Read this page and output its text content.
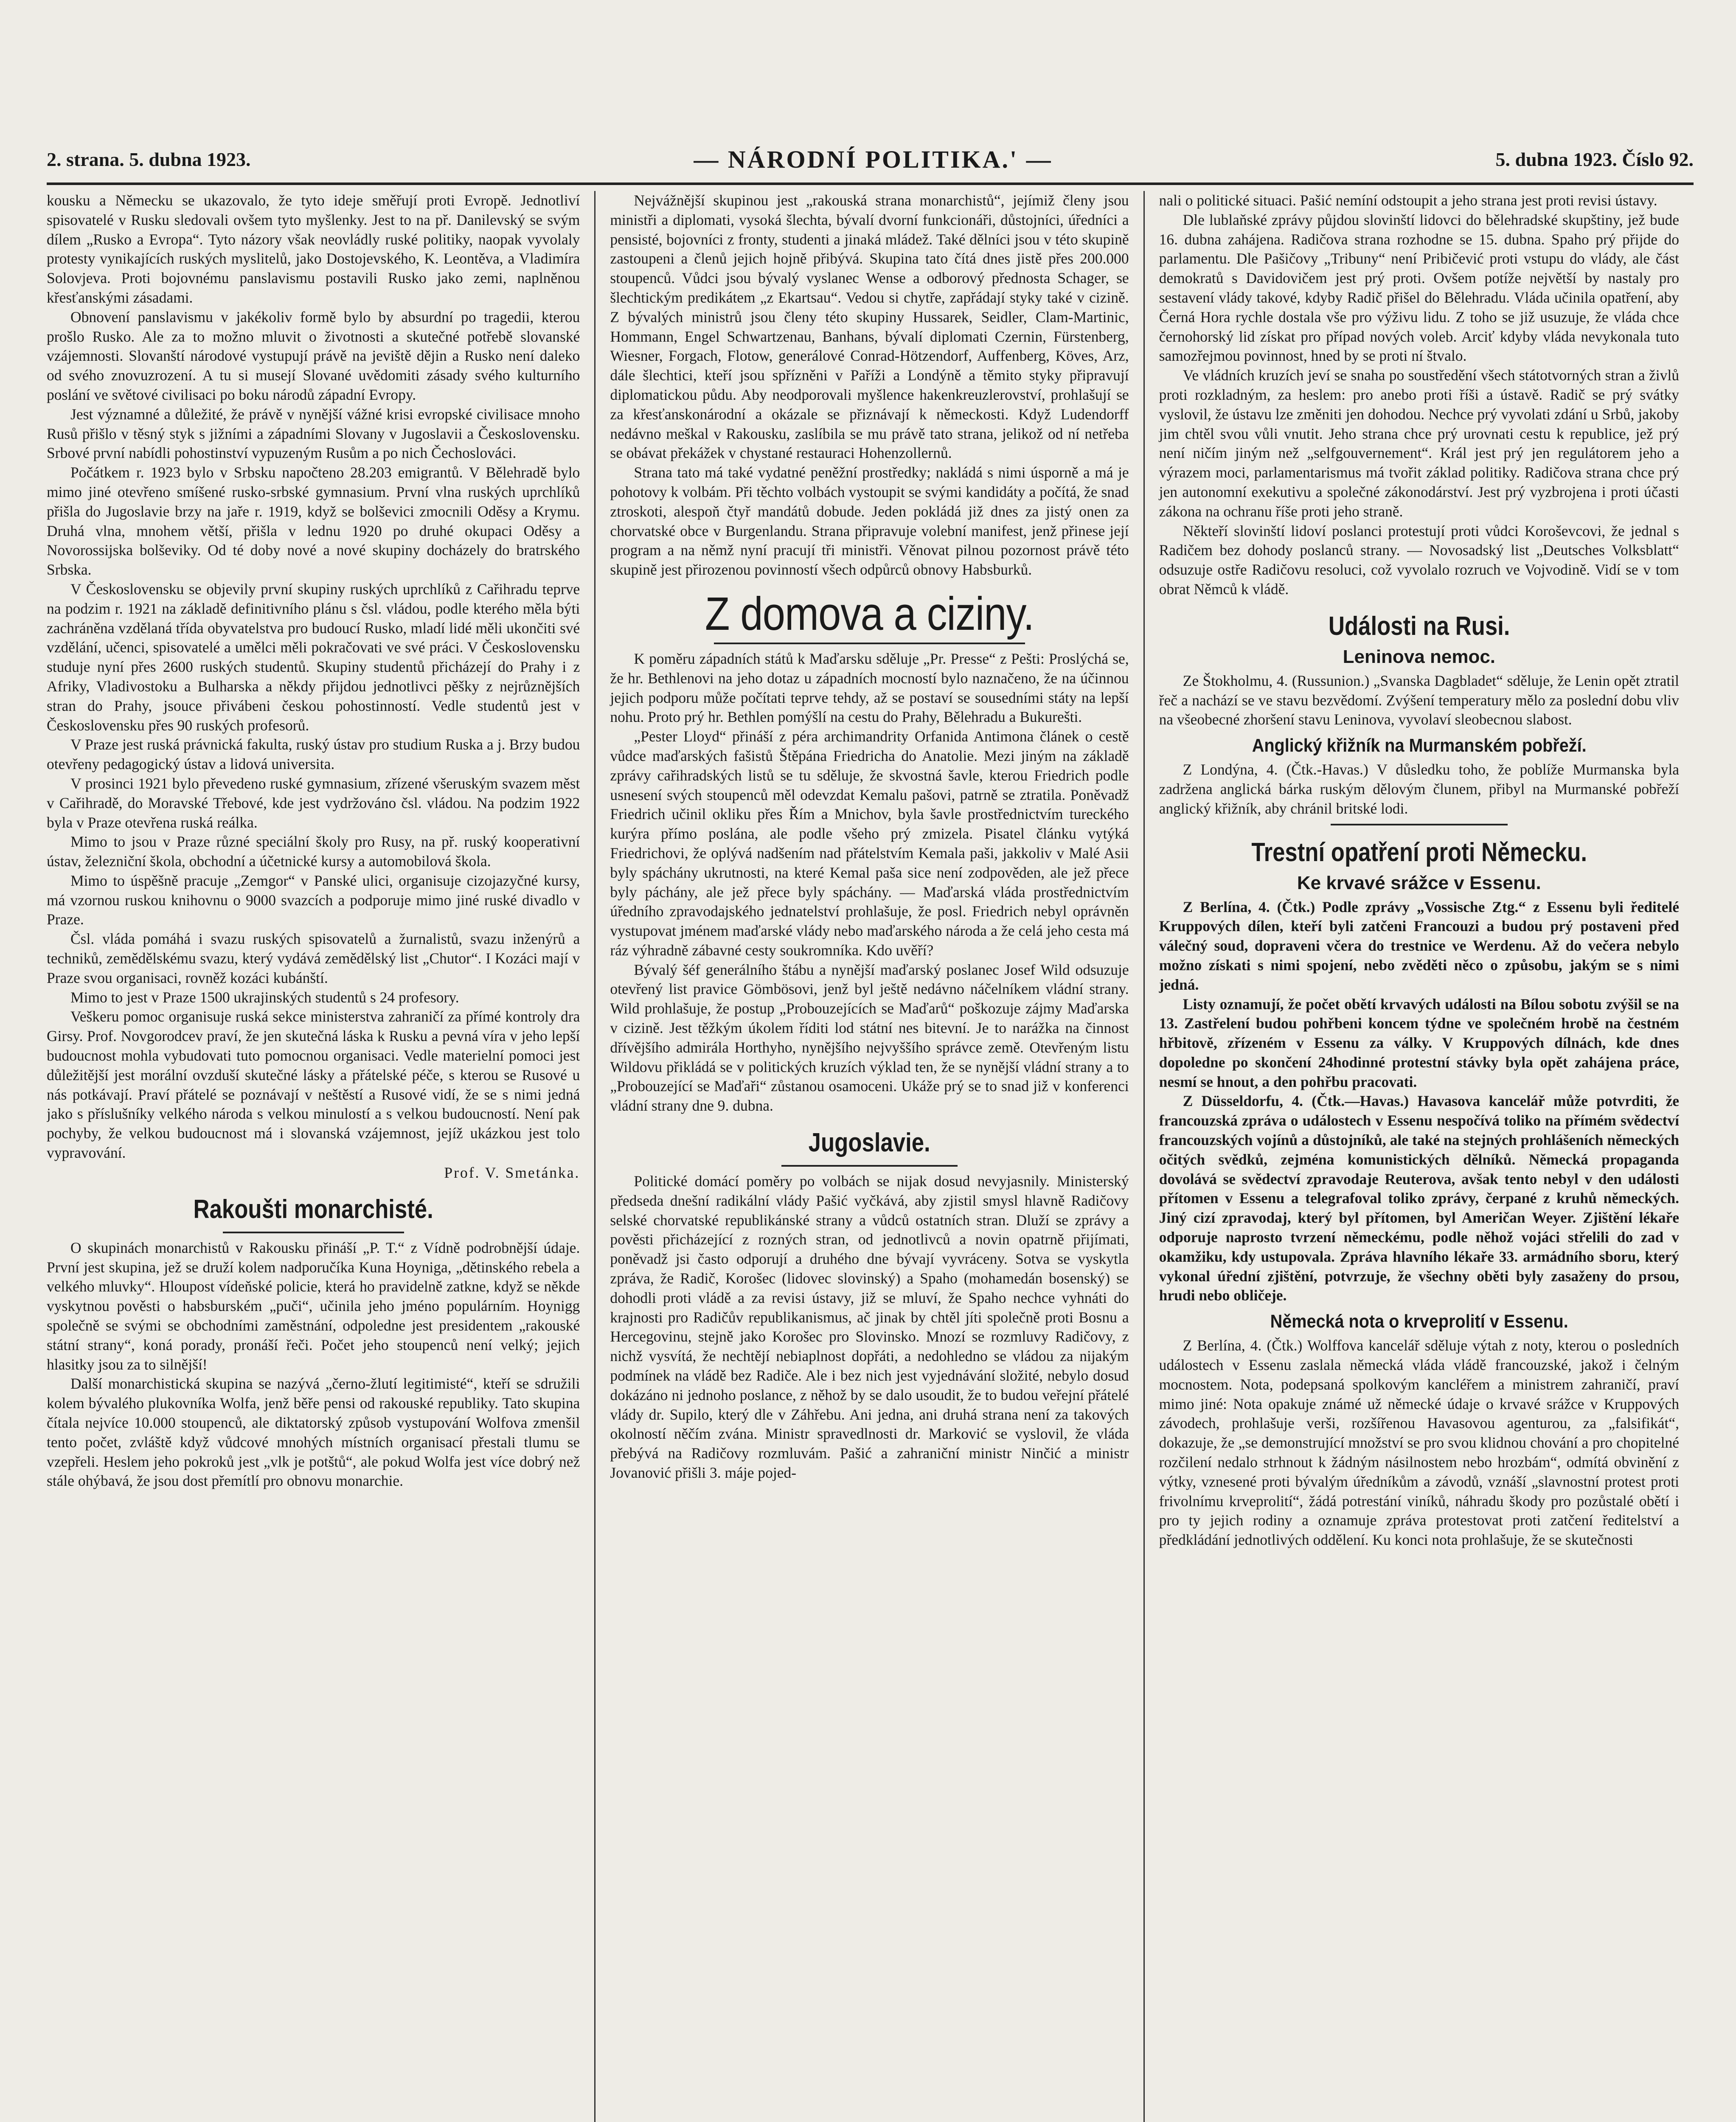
2. strana. 5. dubna 1923.	— NÁRODNÍ POLITIKA.' —	5. dubna 1923. Číslo 92.

kousku a Německu se ukazovalo, že tyto ideje směřují proti Evropě. Jednotliví spisovatelé v Rusku sledovali ovšem tyto myšlenky. Jest to na př. Danilevský se svým dílem „Rusko a Evropa“. Tyto názory však neovládly ruské politiky, naopak vyvolaly protesty vynikajících ruských myslitelů, jako Dostojevského, K. Leontěva, a Vladimíra Solovjeva. Proti bojovnému panslavismu postavili Rusko jako zemi, naplněnou křesťanskými zásadami.

Obnovení panslavismu v jakékoliv formě bylo by absurdní po tragedii, kterou prošlo Rusko. Ale za to možno mluvit o životnosti a skutečné potřebě slovanské vzájemnosti. Slovanští národové vystupují právě na jeviště dějin a Rusko není daleko od svého znovuzrození. A tu si musejí Slované uvědomiti zásady svého kulturního poslání ve světové civilisaci po boku národů západní Evropy.

Jest významné a důležité, že právě v nynější vážné krisi evropské civilisace mnoho Rusů přišlo v těsný styk s jižními a západními Slovany v Jugoslavii a Československu. Srbové první nabídli pohostinství vypuzeným Rusům a po nich Čechoslováci.

Počátkem r. 1923 bylo v Srbsku napočteno 28.203 emigrantů. V Bělehradě bylo mimo jiné otevřeno smíšené rusko-srbské gymnasium. První vlna ruských uprchlíků přišla do Jugoslavie brzy na jaře r. 1919, když se bolševici zmocnili Oděsy a Krymu. Druhá vlna, mnohem větší, přišla v lednu 1920 po druhé okupaci Oděsy a Novorossijska bolševiky. Od té doby nové a nové skupiny docházely do bratrského Srbska.

V Československu se objevily první skupiny ruských uprchlíků z Cařihradu teprve na podzim r. 1921 na základě definitivního plánu s čsl. vládou, podle kterého měla býti zachráněna vzdělaná třída obyvatelstva pro budoucí Rusko, mladí lidé měli ukončiti své vzdělání, učenci, spisovatelé a umělci měli pokračovati ve své práci. V Československu studuje nyní přes 2600 ruských studentů. Skupiny studentů přicházejí do Prahy i z Afriky, Vladivostoku a Bulharska a někdy přijdou jednotlivci pěšky z nejrůznějších stran do Prahy, jsouce přivábeni českou pohostinností. Vedle studentů jest v Československu přes 90 ruských profesorů.

V Praze jest ruská právnická fakulta, ruský ústav pro studium Ruska a j. Brzy budou otevřeny pedagogický ústav a lidová universita.

V prosinci 1921 bylo převedeno ruské gymnasium, zřízené všeruským svazem měst v Cařihradě, do Moravské Třebové, kde jest vydržováno čsl. vládou. Na podzim 1922 byla v Praze otevřena ruská reálka.

Mimo to jsou v Praze různé speciální školy pro Rusy, na př. ruský kooperativní ústav, železniční škola, obchodní a účetnické kursy a automobilová škola.

Mimo to úspěšně pracuje „Zemgor“ v Panské ulici, organisuje cizojazyčné kursy, má vzornou ruskou knihovnu o 9000 svazcích a podporuje mimo jiné ruské divadlo v Praze.

Čsl. vláda pomáhá i svazu ruských spisovatelů a žurnalistů, svazu inženýrů a techniků, zemědělskému svazu, který vydává zemědělský list „Chutor“. I Kozáci mají v Praze svou organisaci, rovněž kozáci kubánští.

Mimo to jest v Praze 1500 ukrajinských studentů s 24 profesory.

Veškeru pomoc organisuje ruská sekce ministerstva zahraničí za přímé kontroly dra Girsy. Prof. Novgorodcev praví, že jen skutečná láska k Rusku a pevná víra v jeho lepší budoucnost mohla vybudovati tuto pomocnou organisaci. Vedle materielní pomoci jest důležitější jest morální ovzduší skutečné lásky a přátelské péče, s kterou se Rusové u nás potkávají. Praví přátelé se poznávají v neštěstí a Rusové vidí, že se s nimi jedná jako s příslušníky velkého národa s velkou minulostí a s velkou budoucností. Není pak pochyby, že velkou budoucnost má i slovanská vzájemnost, jejíž ukázkou jest tolo vypravování.

Prof. V. Smetánka.

Rakoušti monarchisté.

O skupinách monarchistů v Rakousku přináší „P. T.“ z Vídně podrobnější údaje. První jest skupina, jež se druží kolem nadporučíka Kuna Hoyniga, „dětinského rebela a velkého mluvky“. Hloupost vídeňské policie, která ho pravidelně zatkne, když se někde vyskytnou pověsti o habsburském „puči“, učinila jeho jméno populárním. Hoynigg společně se svými se obchodními zaměstnání, odpoledne jest presidentem „rakouské státní strany“, koná porady, pronáší řeči. Počet jeho stoupenců není velký; jejich hlasitky jsou za to silnější!

Další monarchistická skupina se nazývá „černo-žlutí legitimisté“, kteří se sdružili kolem bývalého plukovníka Wolfa, jenž běře pensi od rakouské republiky. Tato skupina čítala nejvíce 10.000 stoupenců, ale diktatorský způsob vystupování Wolfova zmenšil tento počet, zvláště když vůdcové mnohých místních organisací přestali tlumu se vzepřeli. Heslem jeho pokroků jest „vlk je potštů“, ale pokud Wolfa jest více dobrý než stále ohýbavá, že jsou dost přemítlí pro obnovu monarchie.

Nejvážnější skupinou jest „rakouská strana monarchistů“, jejímiž členy jsou ministři a diplomati, vysoká šlechta, bývalí dvorní funkcionáři, důstojníci, úředníci a pensisté, bojovníci z fronty, studenti a jinaká mládež. Také dělníci jsou v této skupině zastoupeni a členů jejich hojně přibývá. Skupina tato čítá dnes jistě přes 200.000 stoupenců. Vůdci jsou bývalý vyslanec Wense a odborový přednosta Schager, se šlechtickým predikátem „z Ekartsau“. Vedou si chytře, zapřádají styky také v cizině. Z bývalých ministrů jsou členy této skupiny Hussarek, Seidler, Clam-Martinic, Hommann, Engel Schwartzenau, Banhans, bývalí diplomati Czernin, Fürstenberg, Wiesner, Forgach, Flotow, generálové Conrad-Hötzendorf, Auffenberg, Köves, Arz, dále šlechtici, kteří jsou spřízněni v Paříži a Londýně a těmito styky připravují diplomatickou půdu. Aby neodporovali myšlence hakenkreuzlerovství, prohlašují se za křesťanskonárodní a okázale se přiznávají k německosti. Když Ludendorff nedávno meškal v Rakousku, zaslíbila se mu právě tato strana, jelikož od ní netřeba se obávat překážek v chystané restauraci Hohenzollernů.

Strana tato má také vydatné peněžní prostředky; nakládá s nimi úsporně a má je pohotovy k volbám. Při těchto volbách vystoupit se svými kandidáty a počítá, že snad ztroskoti, alespoň čtyř mandátů dobude. Jeden pokládá již dnes za jistý onen za chorvatské obce v Burgenlandu. Strana připravuje volební manifest, jenž přinese její program a na němž nyní pracují tři ministři. Věnovat pilnou pozornost právě této skupině jest přirozenou povinností všech odpůrců obnovy Habsburků.

Z domova a ciziny.

K poměru západních států k Maďarsku sděluje „Pr. Presse“ z Pešti: Proslýchá se, že hr. Bethlenovi na jeho dotaz u západních mocností bylo naznačeno, že na účinnou jejich podporu může počítati teprve tehdy, až se postaví se sousedními státy na lepší nohu. Proto prý hr. Bethlen pomýšlí na cestu do Prahy, Bělehradu a Bukurešti.

„Pester Lloyd“ přináší z péra archimandrity Orfanida Antimona článek o cestě vůdce maďarských fašistů Štěpána Friedricha do Anatolie. Mezi jiným na základě zprávy cařihradských listů se tu sděluje, že skvostná šavle, kterou Friedrich podle usnesení svých stoupenců měl odevzdat Kemalu pašovi, patrně se ztratila. Poněvadž Friedrich učinil okliku přes Řím a Mnichov, byla šavle prostřednictvím tureckého kurýra přímo poslána, ale podle všeho prý zmizela. Pisatel článku vytýká Friedrichovi, že oplývá nadšením nad přátelstvím Kemala paši, jakkoliv v Malé Asii byly spáchány ukrutnosti, na které Kemal paša sice není zodpověden, ale jež přece byly páchány, ale jež přece byly spáchány. — Maďarská vláda prostřednictvím úředního zpravodajského jednatelství prohlašuje, že posl. Friedrich nebyl oprávněn vystupovat jménem maďarské vlády nebo maďarského národa a že celá jeho cesta má ráz výhradně zábavné cesty soukromníka. Kdo uvěří?

Bývalý šéf generálního štábu a nynější maďarský poslanec Josef Wild odsuzuje otevřený list pravice Gömbösovi, jenž byl ještě nedávno náčelníkem vládní strany. Wild prohlašuje, že postup „Probouzejících se Maďarů“ poškozuje zájmy Maďarska v cizině. Jest těžkým úkolem říditi lod státní nes bitevní. Je to narážka na činnost dřívějšího admirála Horthyho, nynějšího nejvyššího správce země. Otevřeným listu Wildovu přikládá se v politických kruzích výklad ten, že se nynější vládní strany a to „Probouzející se Maďaři“ zůstanou osamoceni. Ukáže prý se to snad již v konferenci vládní strany dne 9. dubna.

Jugoslavie.

Politické domácí poměry po volbách se nijak dosud nevyjasnily. Ministerský předseda dnešní radikální vlády Pašić vyčkává, aby zjistil smysl hlavně Radičovy selské chorvatské republikánské strany a vůdců ostatních stran. Dluží se zprávy a pověsti přicházející z rozných stran, od jednotlivců a novin opatrně přijímati, poněvadž jsi často odporují a druhého dne bývají vyvráceny. Sotva se vyskytla zpráva, že Radič, Korošec (lidovec slovinský) a Spaho (mohamedán bosenský) se dohodli proti vládě a za revisi ústavy, již se mluví, že Spaho nechce vyhnáti do krajnosti pro Radičův republikanismus, ač jinak by chtěl jíti společně proti Bosnu a Hercegovinu, stejně jako Korošec pro Slovinsko. Mnozí se rozmluvy Radičovy, z nichž vysvítá, že nechtějí nebiaplnost dopřáti, a nedohledno se vládou za nijakým podmínek na vládě bez Radiče. Ale i bez nich jest vyjednávání složité, nebylo dosud dokázáno ni jednoho poslance, z něhož by se dalo usoudit, že to budou veřejní přátelé vlády dr. Supilo, který dle v Záhřebu. Ani jedna, ani druhá strana není za takových okolností něčím zvána. Ministr spravedlnosti dr. Marković se vyslovil, že vláda přebývá na Radičovy rozmluvám. Pašić a zahraniční ministr Ninčić a ministr Jovanović přišli 3. máje pojed-

nali o politické situaci. Pašić nemíní odstoupit a jeho strana jest proti revisi ústavy.

Dle lublaňské zprávy půjdou slovinští lidovci do bělehradské skupštiny, jež bude 16. dubna zahájena. Radičova strana rozhodne se 15. dubna. Spaho prý přijde do parlamentu. Dle Pašičovy „Tribuny“ není Pribičević proti vstupu do vlády, ale část demokratů s Davidovičem jest prý proti. Ovšem potíže největší by nastaly pro sestavení vlády takové, kdyby Radič přišel do Bělehradu. Vláda učinila opatření, aby Černá Hora rychle dostala vše pro výživu lidu. Z toho se již usuzuje, že vláda chce černohorský lid získat pro případ nových voleb. Arciť kdyby vláda nevykonala tuto samozřejmou povinnost, hned by se proti ní štvalo.

Ve vládních kruzích jeví se snaha po soustředění všech státotvorných stran a živlů proti rozkladným, za heslem: pro anebo proti říši a ústavě. Radič se prý svátky vyslovil, že ústavu lze změniti jen dohodou. Nechce prý vyvolati zdání u Srbů, jakoby jim chtěl svou vůli vnutit. Jeho strana chce prý urovnati cestu k republice, jež prý není ničím jiným než „selfgouvernement“. Král jest prý jen regulátorem jeho a výrazem moci, parlamentarismus má tvořit základ politiky. Radičova strana chce prý jen autonomní exekutivu a společné zákonodárství. Jest prý vyzbrojena i proti účasti zákona na ochranu říše proti jeho straně.

Někteří slovinští lidoví poslanci protestují proti vůdci Koroševcovi, že jednal s Radičem bez dohody poslanců strany. — Novosadský list „Deutsches Volksblatt“ odsuzuje ostře Radičovu resoluci, což vyvolalo rozruch ve Vojvodině. Vidí se v tom obrat Němců k vládě.

Události na Rusi.
Leninova nemoc.

Ze Štokholmu, 4. (Russunion.) „Svanska Dagbladet“ sděluje, že Lenin opět ztratil řeč a nachází se ve stavu bezvědomí. Zvýšení temperatury mělo za poslední dobu vliv na všeobecné zhoršení stavu Leninova, vyvolaví sleobecnou slabost.

Anglický křižník na Murmanském pobřeží.

Z Londýna, 4. (Čtk.-Havas.) V důsledku toho, že poblíže Murmanska byla zadržena anglická bárka ruským dělovým člunem, přibyl na Murmanské pobřeží anglický křižník, aby chránil britské lodi.

Trestní opatření proti Německu.
Ke krvavé srážce v Essenu.

Z Berlína, 4. (Čtk.) Podle zprávy „Vossische Ztg.“ z Essenu byli ředitelé Kruppových dílen, kteří byli zatčeni Francouzi a budou prý postaveni před válečný soud, dopraveni včera do trestnice ve Werdenu. Až do večera nebylo možno získati s nimi spojení, nebo zvěděti něco o způsobu, jakým se s nimi jedná.

Listy oznamují, že počet obětí krvavých události na Bílou sobotu zvýšil se na 13. Zastřelení budou pohřbeni koncem týdne ve společném hrobě na čestném hřbitově, zřízeném v Essenu za války. V Kruppových dílnách, kde dnes dopoledne po skončení 24hodinné protestní stávky byla opět zahájena práce, nesmí se hnout, a den pohřbu pracovati.

Z Düsseldorfu, 4. (Čtk.—Havas.) Havasova kancelář může potvrditi, že francouzská zpráva o událostech v Essenu nespočívá toliko na přímém svědectví francouzských vojínů a důstojníků, ale také na stejných prohlášeních německých očitých svědků, zejména komunistických dělníků. Německá propaganda dovolává se svědectví zpravodaje Reuterova, avšak tento nebyl v den události přítomen v Essenu a telegrafoval toliko zprávy, čerpané z kruhů německých. Jiný cizí zpravodaj, který byl přítomen, byl Američan Weyer. Zjištění lékaře odporuje naprosto tvrzení německému, podle něhož vojáci střelili do zad v okamžiku, kdy ustupovala. Zpráva hlavního lékaře 33. armádního sboru, který vykonal úřední zjištění, potvrzuje, že všechny oběti byly zasaženy do prsou, hrudi nebo obličeje.

Německá nota o krveprolití v Essenu.

Z Berlína, 4. (Čtk.) Wolffova kancelář sděluje výtah z noty, kterou o posledních událostech v Essenu zaslala německá vláda vládě francouzské, jakož i čelným mocnostem. Nota, podepsaná spolkovým kancléřem a ministrem zahraničí, praví mimo jiné: Nota opakuje známé už německé údaje o krvavé srážce v Kruppových závodech, prohlašuje verši, rozšířenou Havasovou agenturou, za „falsifikát“, dokazuje, že „se demonstrující množství se pro svou klidnou chování a pro chopitelné rozčilení nedalo strhnout k žádným násilnostem nebo hrozbám“, odmítá obvinění z výtky, vznesené proti bývalým úředníkům a závodů, vznáší „slavnostní protest proti frivolnímu krveprolití“, žádá potrestání viníků, náhradu škody pro pozůstalé obětí i pro ty jejich rodiny a oznamuje zpráva protestovat proti zatčení ředitelství a předkládání jednotlivých oddělení. Ku konci nota prohlašuje, že se skutečnosti
